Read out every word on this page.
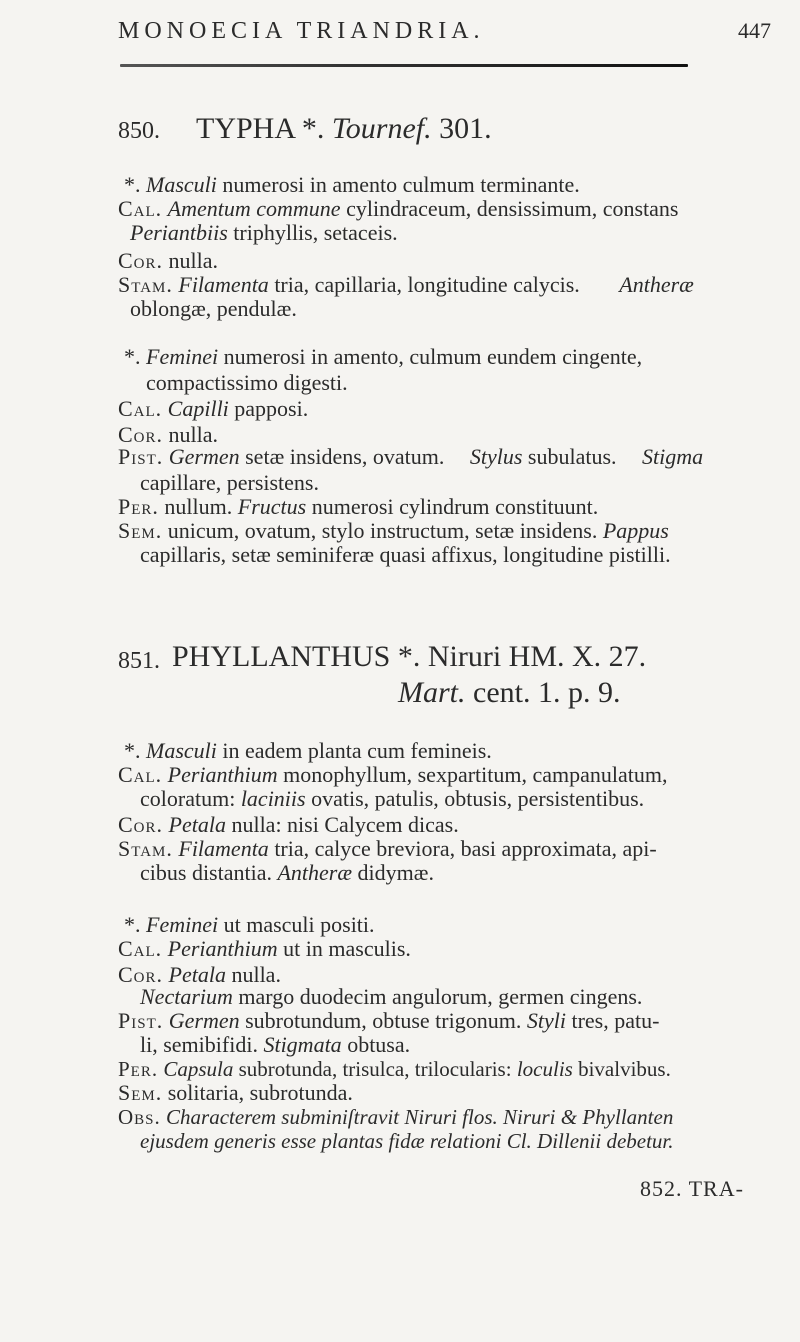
MONOECIA TRIANDRIA.	447
850. TYPHA *. Tournef. 301.
*. Masculi numerosi in amento culmum terminante.
Cal. Amentum commune cylindraceum, densissimum, constans
Periantbiis triphyllis, setaceis.
Cor. nulla.
Stam. Filamenta tria, capillaria, longitudine calycis. Antheræ
oblongæ, pendulæ.
*. Feminei numerosi in amento, culmum eundem cingente,
compactissimo digesti.
Cal. Capilli papposi.
Cor. nulla.
Pist. Germen setæ insidens, ovatum. Stylus subulatus. Stigma
capillare, persistens.
Per. nullum. Fructus numerosi cylindrum constituunt.
Sem. unicum, ovatum, stylo instructum, setæ insidens. Pappus
capillaris, setæ seminiferæ quasi affixus, longitudine pistilli.
851. PHYLLANTHUS *. Niruri HM. X. 27.
Mart. cent. 1. p. 9.
*. Masculi in eadem planta cum femineis.
Cal. Perianthium monophyllum, sexpartitum, campanulatum,
coloratum: laciniis ovatis, patulis, obtusis, persistentibus.
Cor. Petala nulla: nisi Calycem dicas.
Stam. Filamenta tria, calyce breviora, basi approximata, api-
cibus distantia. Antheræ didymæ.
*. Feminei ut masculi positi.
Cal. Perianthium ut in masculis.
Cor. Petala nulla.
Nectarium margo duodecim angulorum, germen cingens.
Pist. Germen subrotundum, obtuse trigonum. Styli tres, patu-
li, semibifidi. Stigmata obtusa.
Per. Capsula subrotunda, trisulca, trilocularis: loculis bivalvibus.
Sem. solitaria, subrotunda.
Obs. Characterem subminiſtravit Niruri flos. Niruri & Phyllanten
ejusdem generis esse plantas fidæ relationi Cl. Dillenii debetur.
852. TRA-
